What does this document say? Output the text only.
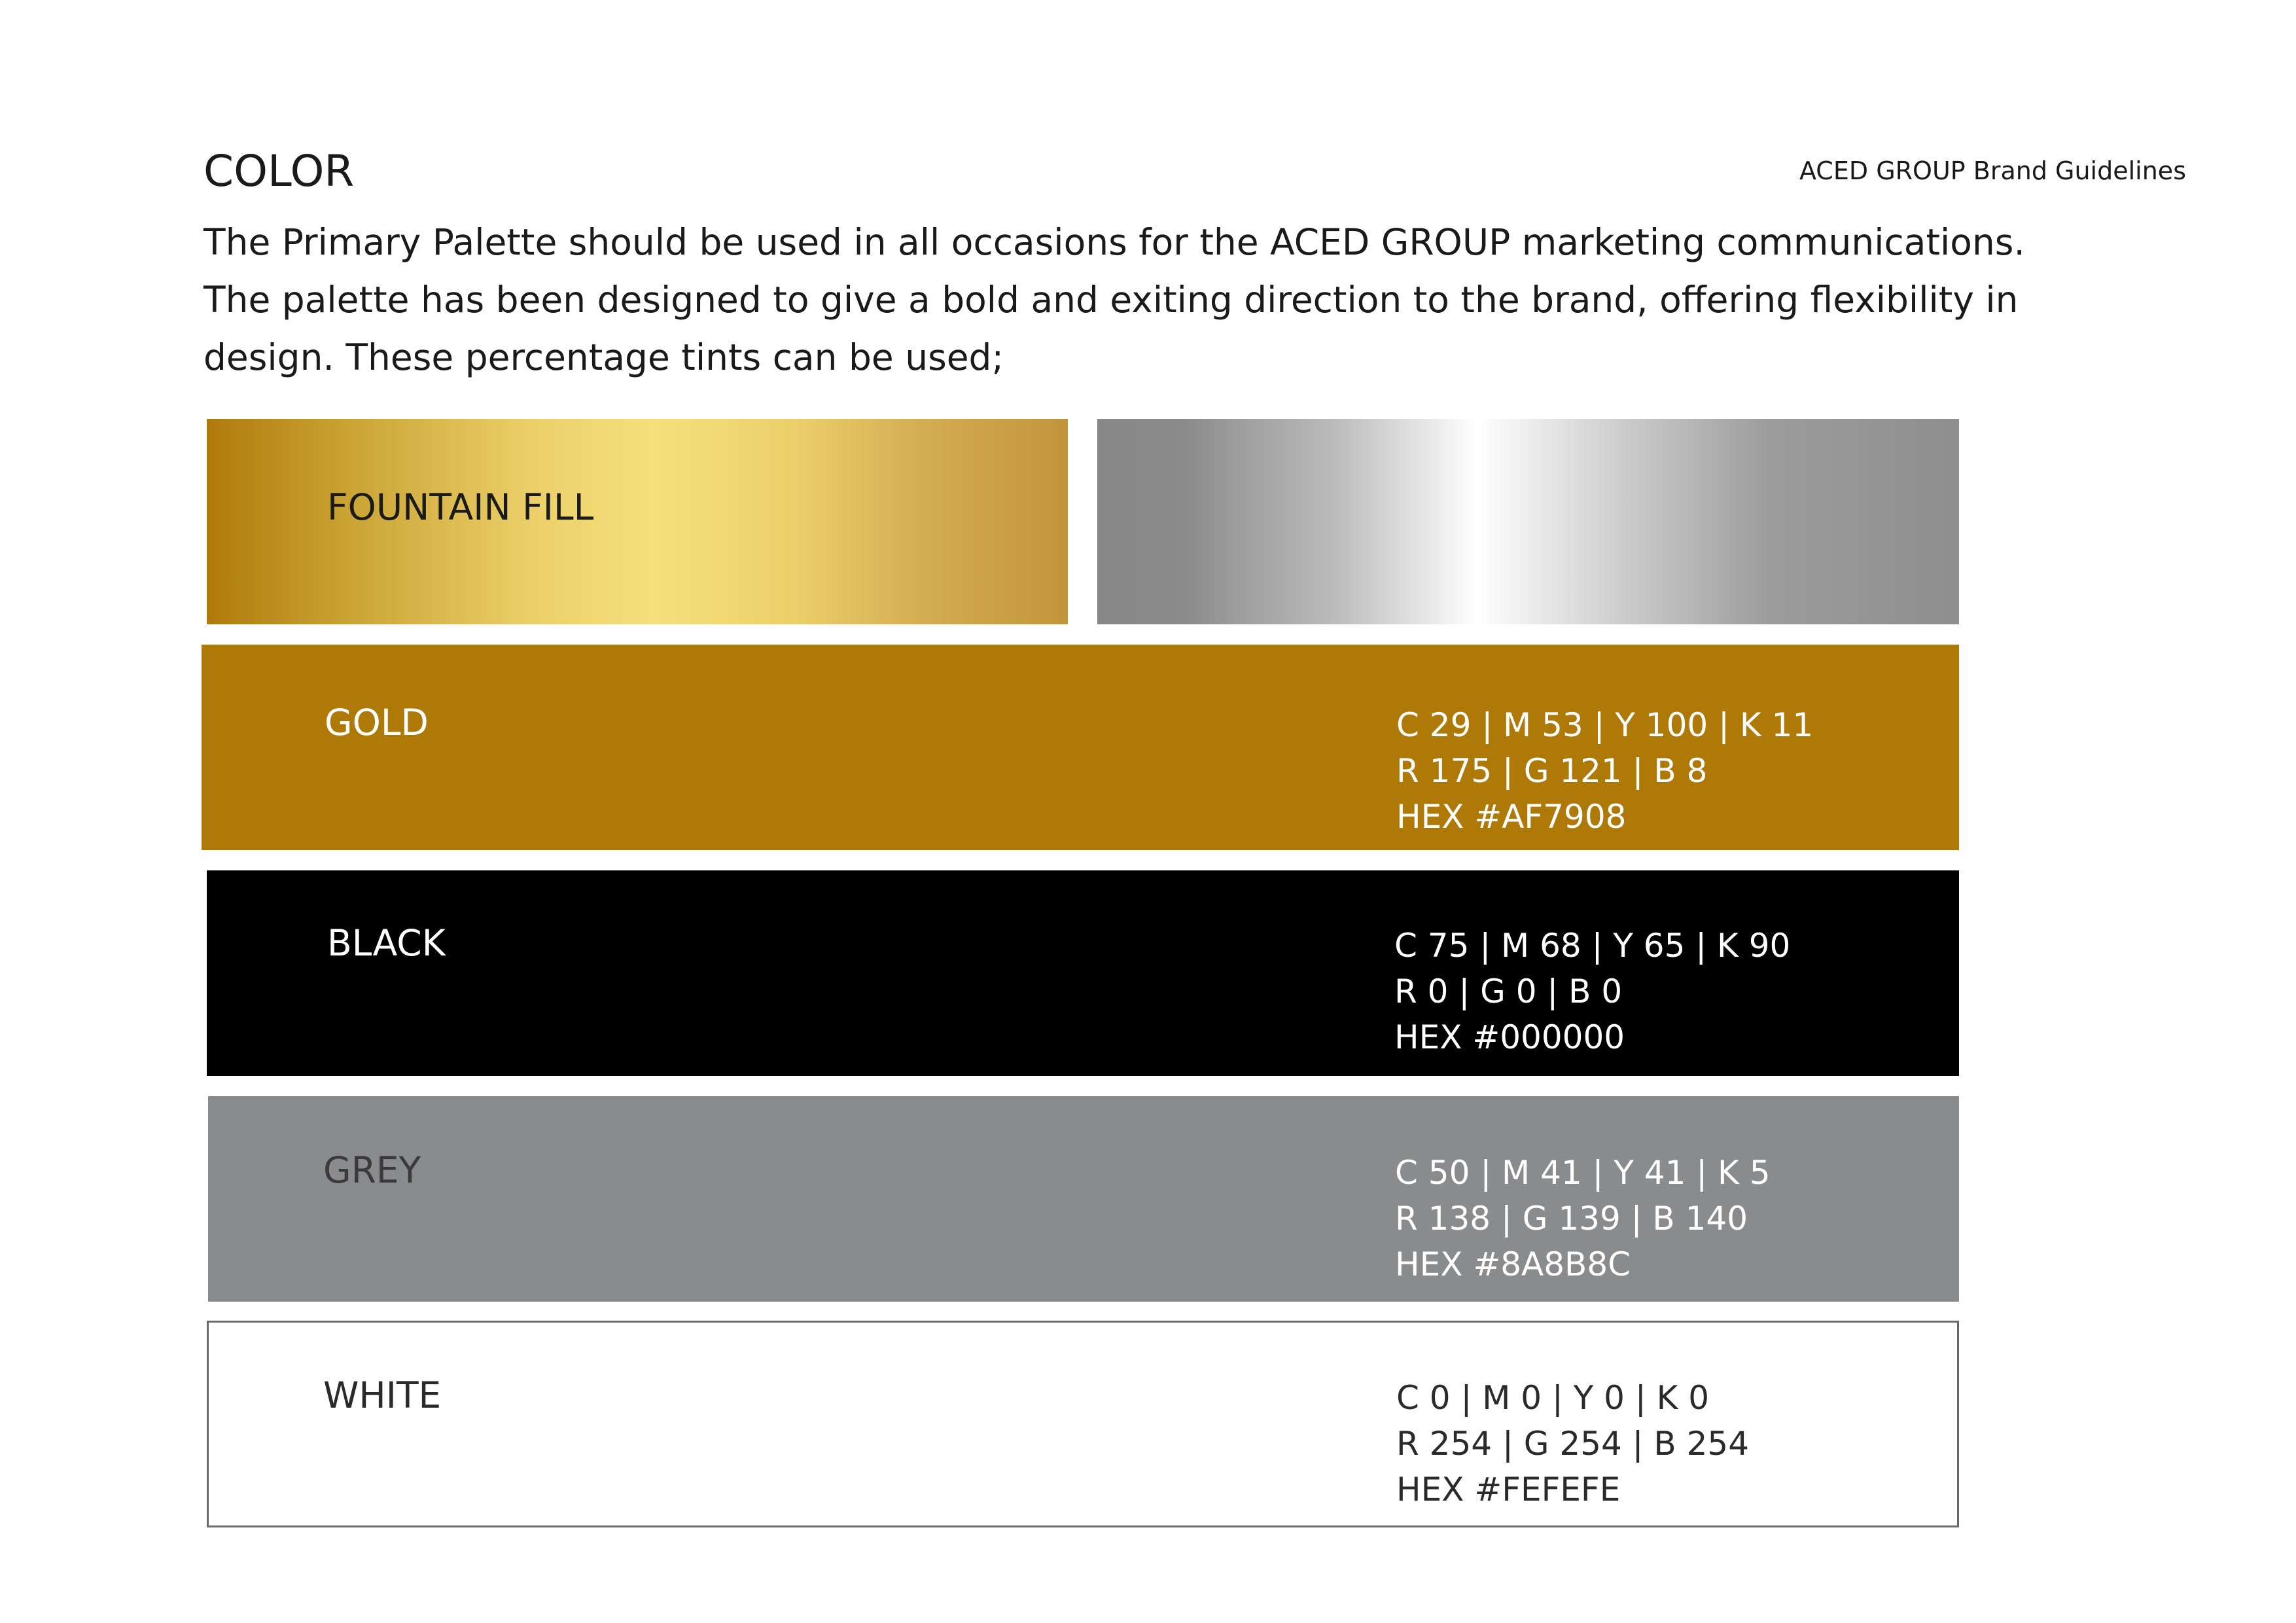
COLOR	ACED GROUP Brand Guidelines

The Primary Palette should be used in all occasions for the ACED GROUP marketing communications.

The palette has been designed to give a bold and exiting direction to the brand, offering flexibility in

design. These percentage tints can be used;

FOUNTAIN FILL
GOLD	C 29 | M 53 | Y 100 | K 11
R 175 | G 121 | B 8
HEX #AF7908
BLACK	C 75 | M 68 | Y 65 | K 90
R 0 | G 0 | B 0
HEX #000000
GREY	C 50 | M 41 | Y 41 | K 5
R 138 | G 139 | B 140
HEX #8A8B8C
WHITE	C 0 | M 0 | Y 0 | K 0
R 254 | G 254 | B 254
HEX #FEFEFE
